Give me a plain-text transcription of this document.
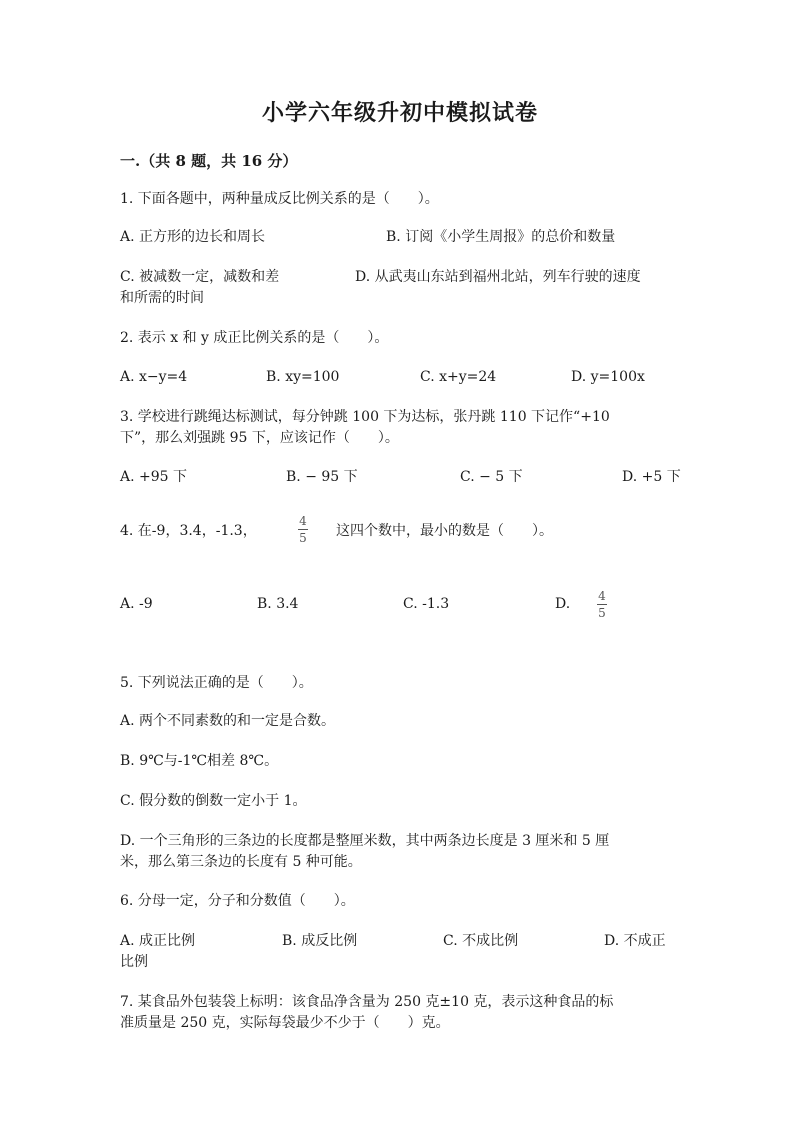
小学六年级升初中模拟试卷
一.（共 8 题，共 16 分）
1. 下面各题中，两种量成反比例关系的是（　　）。
A. 正方形的边长和周长	B. 订阅《小学生周报》的总价和数量
C. 被减数一定，减数和差	D. 从武夷山东站到福州北站，列车行驶的速度
和所需的时间
2. 表示 x 和 y 成正比例关系的是（　　）。
A. x−y=4	B. xy=100	C. x+y=24	D. y=100x
3. 学校进行跳绳达标测试，每分钟跳 100 下为达标，张丹跳 110 下记作“+10
下”，那么刘强跳 95 下，应该记作（　　）。
A. +95 下	B. − 95 下	C. − 5 下	D. +5 下
4. 在-9，3.4，-1.3，
4
5 这四个数中，最小的数是（　　）。
A. -9	B. 3.4	C. -1.3	D. 4
5
5. 下列说法正确的是（　　）。
A. 两个不同素数的和一定是合数。
B. 9℃与-1℃相差 8℃。
C. 假分数的倒数一定小于 1。
D. 一个三角形的三条边的长度都是整厘米数，其中两条边长度是 3 厘米和 5 厘
米，那么第三条边的长度有 5 种可能。
6. 分母一定，分子和分数值（　　）。
A. 成正比例	B. 成反比例	C. 不成比例	D. 不成正
比例
7. 某食品外包装袋上标明：该食品净含量为 250 克±10 克，表示这种食品的标
准质量是 250 克，实际每袋最少不少于（　　）克。
